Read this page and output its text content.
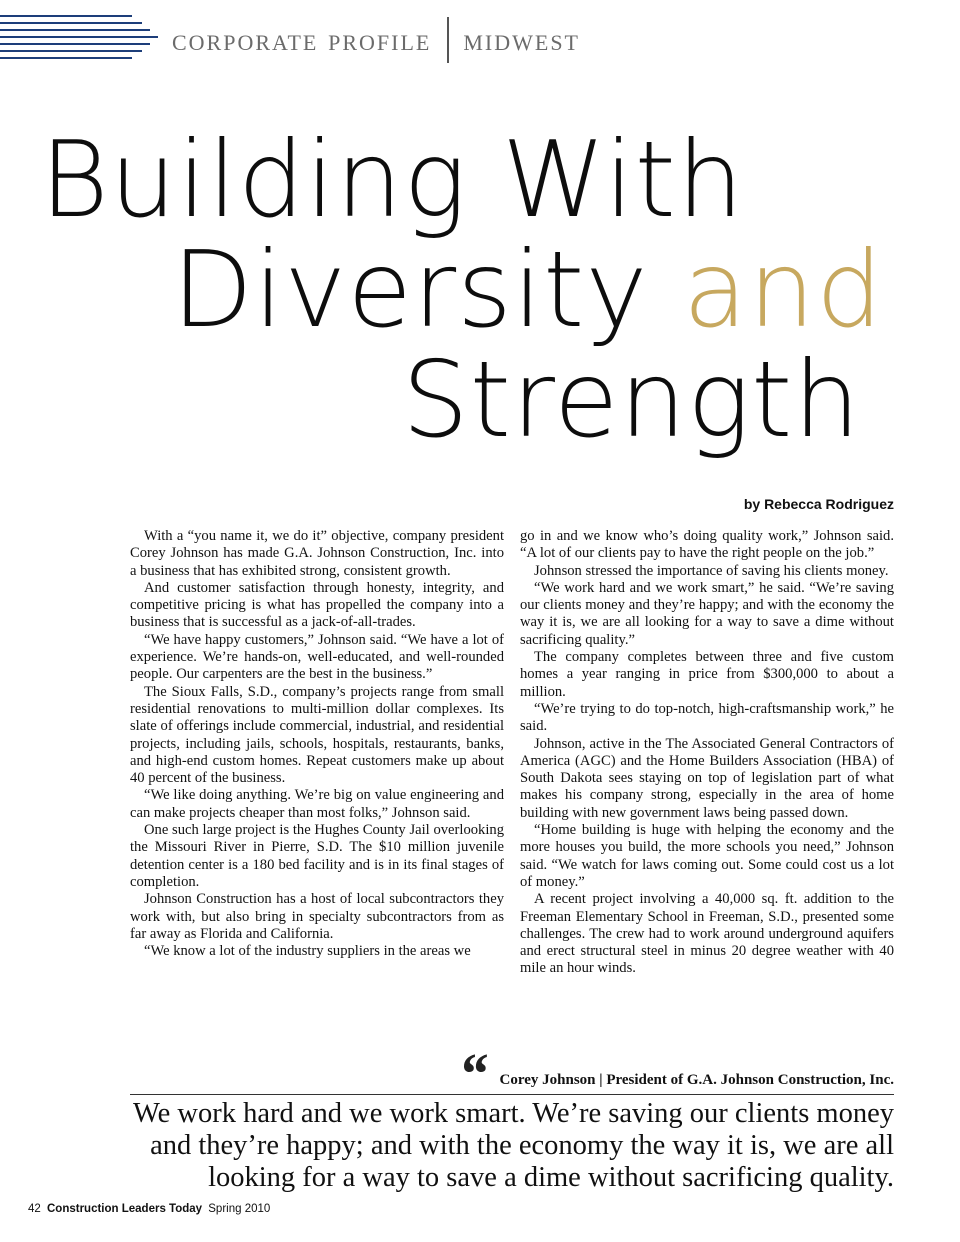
corporate profile midwest
Building With
Diversity and
Strength
by Rebecca Rodriguez

With a “you name it, we do it” objective, company president Corey Johnson has made G.A. Johnson Construction, Inc. into a business that has exhibited strong, consistent growth.

And customer satisfaction through honesty, integrity, and competitive pricing is what has propelled the company into a business that is successful as a jack-of-all-trades.

“We have happy customers,” Johnson said. “We have a lot of experience. We’re hands-on, well-educated, and well-rounded people. Our carpenters are the best in the business.”

The Sioux Falls, S.D., company’s projects range from small residential renovations to multi-million dollar complexes. Its slate of offerings include commercial, industrial, and residential projects, including jails, schools, hospitals, restaurants, banks, and high-end custom homes. Repeat customers make up about 40 percent of the business.

“We like doing anything. We’re big on value engineering and can make projects cheaper than most folks,” Johnson said.

One such large project is the Hughes County Jail overlooking the Missouri River in Pierre, S.D. The $10 million juvenile detention center is a 180 bed facility and is in its final stages of completion.

Johnson Construction has a host of local subcontractors they work with, but also bring in specialty subcontractors from as far away as Florida and California.

“We know a lot of the industry suppliers in the areas we

go in and we know who’s doing quality work,” Johnson said. “A lot of our clients pay to have the right people on the job.”

Johnson stressed the importance of saving his clients money.

“We work hard and we work smart,” he said. “We’re saving our clients money and they’re happy; and with the economy the way it is, we are all looking for a way to save a dime without sacrificing quality.”

The company completes between three and five custom homes a year ranging in price from $300,000 to about a million.

“We’re trying to do top-notch, high-craftsmanship work,” he said.

Johnson, active in the The Associated General Contractors of America (AGC) and the Home Builders Association (HBA) of South Dakota sees staying on top of legislation part of what makes his company strong, especially in the area of home building with new government laws being passed down.

“Home building is huge with helping the economy and the more houses you build, the more schools you need,” Johnson said. “We watch for laws coming out. Some could cost us a lot of money.”

A recent project involving a 40,000 sq. ft. addition to the Freeman Elementary School in Freeman, S.D., presented some challenges. The crew had to work around underground aquifers and erect structural steel in minus 20 degree weather with 40 mile an hour winds.

“ Corey Johnson | President of G.A. Johnson Construction, Inc.
We work hard and we work smart. We’re saving our clients money and they’re happy; and with the economy the way it is, we are all looking for a way to save a dime without sacrificing quality.
42 Construction Leaders Today Spring 2010
